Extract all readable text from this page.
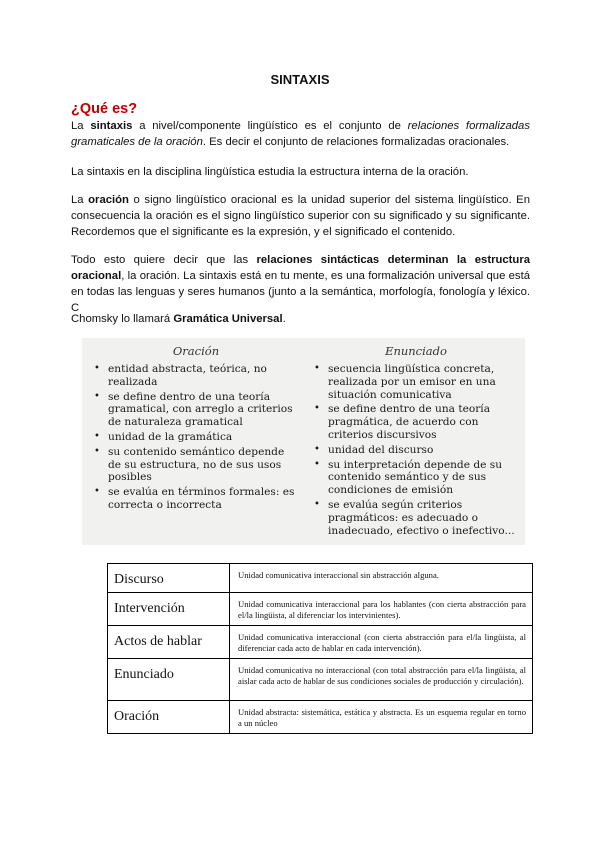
SINTAXIS
¿Qué es?

La sintaxis a nivel/componente lingüístico es el conjunto de relaciones formalizadas gramaticales de la oración. Es decir el conjunto de relaciones formalizadas oracionales.

La sintaxis en la disciplina lingüística estudia la estructura interna de la oración.

La oración o signo lingüístico oracional es la unidad superior del sistema lingüístico. En consecuencia la oración es el signo lingüístico superior con su significado y su significante. Recordemos que el significante es la expresión, y el significado el contenido.

Todo esto quiere decir que las relaciones sintácticas determinan la estructura oracional, la oración. La sintaxis está en tu mente, es una formalización universal que está en todas las lenguas y seres humanos (junto a la semántica, morfología, fonología y léxico. C

Chomsky lo llamará Gramática Universal.

Oración
• entidad abstracta, teórica, no realizada
• se define dentro de una teoría gramatical, con arreglo a criterios de naturaleza gramatical
• unidad de la gramática
• su contenido semántico depende de su estructura, no de sus usos posibles
• se evalúa en términos formales: es correcta o incorrecta
Enunciado
• secuencia lingüística concreta, realizada por un emisor en una situación comunicativa
• se define dentro de una teoría pragmática, de acuerdo con criterios discursivos
• unidad del discurso
• su interpretación depende de su contenido semántico y de sus condiciones de emisión
• se evalúa según criterios pragmáticos: es adecuado o inadecuado, efectivo o inefectivo...
Discurso	Unidad comunicativa interaccional sin abstracción alguna.
Intervención	Unidad comunicativa interaccional para los hablantes (con cierta abstracción para el/la lingüista, al diferenciar los intervinientes).
Actos de hablar	Unidad comunicativa interaccional (con cierta abstracción para el/la lingüista, al diferenciar cada acto de hablar en cada intervención).
Enunciado	Unidad comunicativa no interaccional (con total abstracción para el/la lingüista, al aislar cada acto de hablar de sus condiciones sociales de producción y circulación).
Oración	Unidad abstracta: sistemática, estática y abstracta. Es un esquema regular en torno a un núcleo
